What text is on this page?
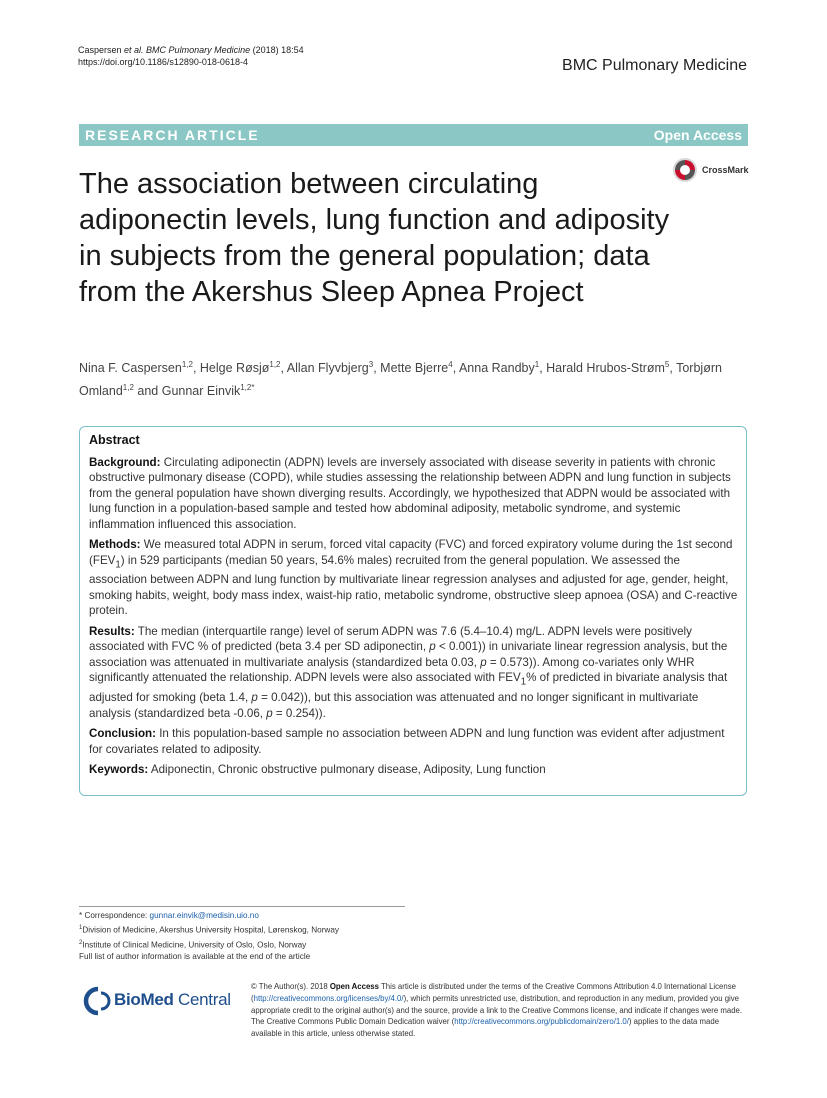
Caspersen et al. BMC Pulmonary Medicine (2018) 18:54
https://doi.org/10.1186/s12890-018-0618-4	BMC Pulmonary Medicine
RESEARCH ARTICLE	Open Access
CrossMark
The association between circulating adiponectin levels, lung function and adiposity in subjects from the general population; data from the Akershus Sleep Apnea Project
Nina F. Caspersen$^{1,2}$, Helge Røsjø$^{1,2}$, Allan Flyvbjerg$^3$, Mette Bjerre$^4$, Anna Randby$^1$, Harald Hrubos-Strøm$^5$, Torbjørn Omland$^{1,2}$ and Gunnar Einvik$^{1,2*}$
Abstract

Background: Circulating adiponectin (ADPN) levels are inversely associated with disease severity in patients with chronic obstructive pulmonary disease (COPD), while studies assessing the relationship between ADPN and lung function in subjects from the general population have shown diverging results. Accordingly, we hypothesized that ADPN would be associated with lung function in a population-based sample and tested how abdominal adiposity, metabolic syndrome, and systemic inflammation influenced this association.

Methods: We measured total ADPN in serum, forced vital capacity (FVC) and forced expiratory volume during the 1st second $(FEV_1)$ in 529 participants (median 50 years, 54.6% males) recruited from the general population. We assessed the association between ADPN and lung function by multivariate linear regression analyses and adjusted for age, gender, height, smoking habits, weight, body mass index, waist-hip ratio, metabolic syndrome, obstructive sleep apnoea (OSA) and C-reactive protein.

Results: The median (interquartile range) level of serum ADPN was 7.6 (5.4–10.4) mg/L. ADPN levels were positively associated with FVC % of predicted (beta 3.4 per SD adiponectin, p < 0.001)) in univariate linear regression analysis, but the association was attenuated in multivariate analysis (standardized beta 0.03, p = 0.573)). Among co-variates only WHR significantly attenuated the relationship. ADPN levels were also associated with $FEV_1\%$ of predicted in bivariate analysis that adjusted for smoking (beta 1.4, p = 0.042)), but this association was attenuated and no longer significant in multivariate analysis (standardized beta -0.06, p = 0.254)).

Conclusion: In this population-based sample no association between ADPN and lung function was evident after adjustment for covariates related to adiposity.

Keywords: Adiponectin, Chronic obstructive pulmonary disease, Adiposity, Lung function

* Correspondence: gunnar.einvik@medisin.uio.no
$^1$Division of Medicine, Akershus University Hospital, Lørenskog, Norway
$^2$Institute of Clinical Medicine, University of Oslo, Oslo, Norway
Full list of author information is available at the end of the article
BioMed Central
© The Author(s). 2018 Open Access This article is distributed under the terms of the Creative Commons Attribution 4.0 International License (http://creativecommons.org/licenses/by/4.0/), which permits unrestricted use, distribution, and reproduction in any medium, provided you give appropriate credit to the original author(s) and the source, provide a link to the Creative Commons license, and indicate if changes were made. The Creative Commons Public Domain Dedication waiver (http://creativecommons.org/publicdomain/zero/1.0/) applies to the data made available in this article, unless otherwise stated.
